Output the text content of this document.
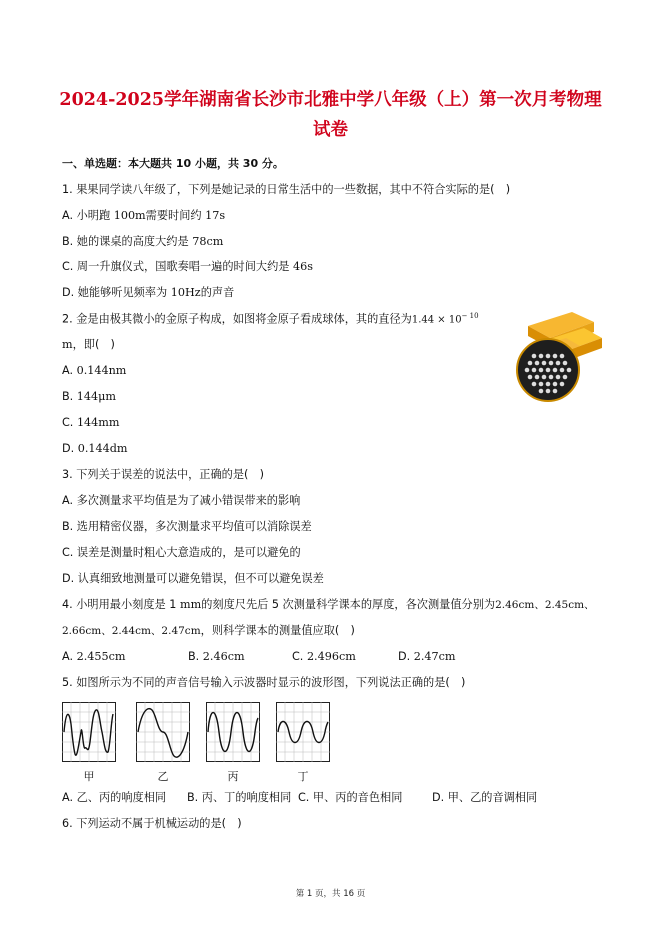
2024-2025学年湖南省长沙市北雅中学八年级（上）第一次月考物理
试卷
一、单选题：本大题共 10 小题，共 30 分。
1. 果果同学读八年级了，下列是她记录的日常生活中的一些数据，其中不符合实际的是(　)
A. 小明跑 100m需要时间约 17s
B. 她的课桌的高度大约是 78cm
C. 周一升旗仪式，国歌奏唱一遍的时间大约是 46s
D. 她能够听见频率为 10Hz的声音
2. 金是由极其微小的金原子构成，如图将金原子看成球体，其的直径为$1.44 \times 10^{- 10}$
m，即(　)
A. 0.144nm
B. 144μm
C. 144mm
D. 0.144dm
3. 下列关于误差的说法中，正确的是(　)
A. 多次测量求平均值是为了减小错误带来的影响
B. 选用精密仪器，多次测量求平均值可以消除误差
C. 误差是测量时粗心大意造成的，是可以避免的
D. 认真细致地测量可以避免错误，但不可以避免误差
4. 小明用最小刻度是 1 mm的刻度尺先后 5 次测量科学课本的厚度，各次测量值分别为2.46cm、2.45cm、
2.66cm、2.44cm、2.47cm，则科学课本的测量值应取(　)
A. 2.455cm	B. 2.46cm	C. 2.496cm	D. 2.47cm
5. 如图所示为不同的声音信号输入示波器时显示的波形图，下列说法正确的是(　)
甲	乙	丙	丁
A. 乙、丙的响度相同 B. 丙、丁的响度相同 C. 甲、丙的音色相同	D. 甲、乙的音调相同
6. 下列运动不属于机械运动的是(　)
第 1 页，共 16 页
